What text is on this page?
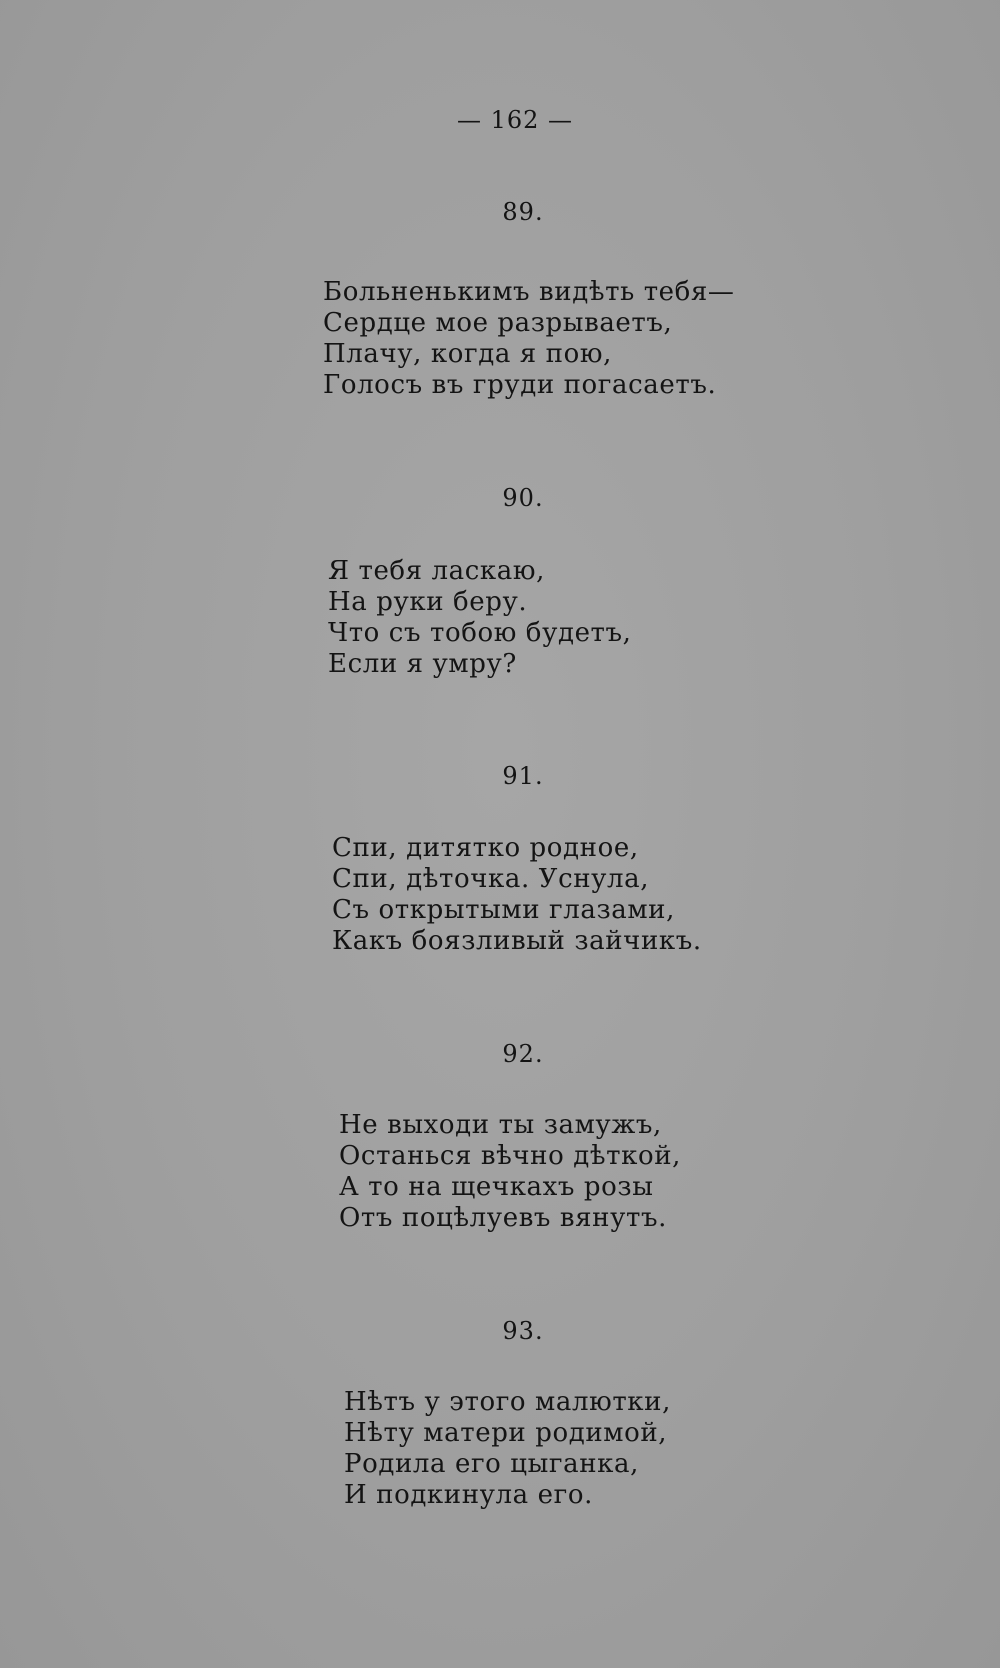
— 162 —
89.
Больненькимъ видѣть тебя—
Сердце мое разрываетъ,
Плачу, когда я пою,
Голосъ въ груди погасаетъ.
90.
Я тебя ласкаю,
На руки беру.
Что съ тобою будетъ,
Если я умру?
91.
Спи, дитятко родное,
Спи, дѣточка. Уснула,
Съ открытыми глазами,
Какъ боязливый зайчикъ.
92.
Не выходи ты замужъ,
Останься вѣчно дѣткой,
А то на щечкахъ розы
Отъ поцѣлуевъ вянутъ.
93.
Нѣтъ у этого малютки,
Нѣту матери родимой,
Родила его цыганка,
И подкинула его.
